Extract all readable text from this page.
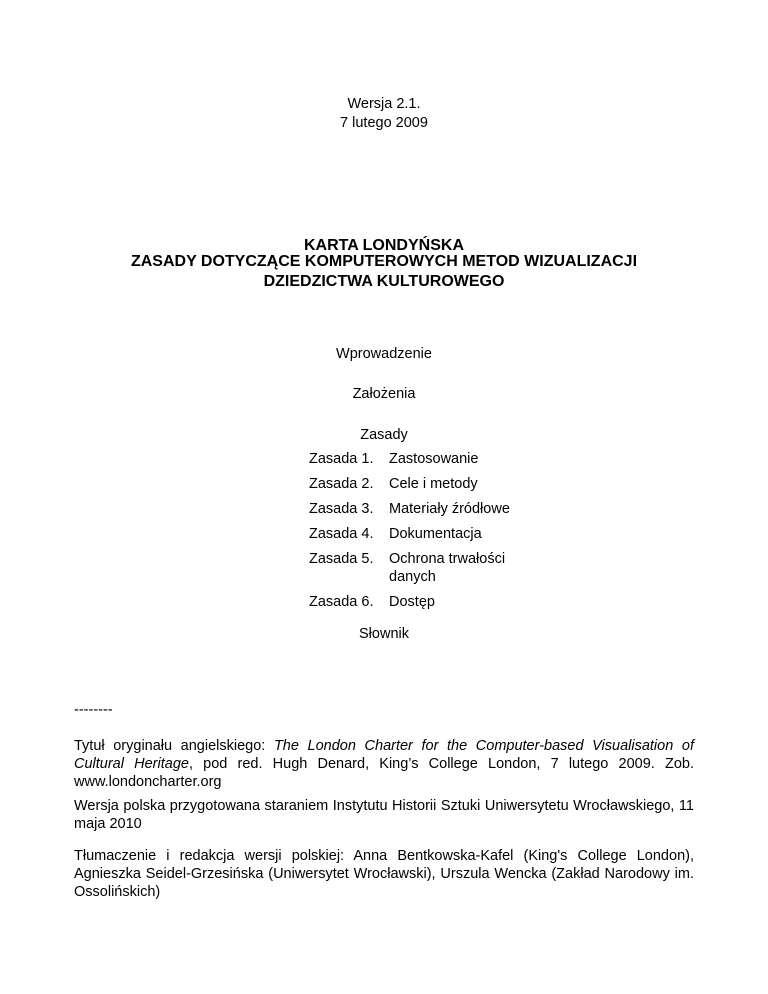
Wersja 2.1.
7 lutego 2009
KARTA LONDYŃSKA
ZASADY DOTYCZĄCE KOMPUTEROWYCH METOD WIZUALIZACJI DZIEDZICTWA KULTUROWEGO
Wprowadzenie
Założenia
Zasady
Zasada 1.	Zastosowanie
Zasada 2.	Cele i metody
Zasada 3.	Materiały źródłowe
Zasada 4.	Dokumentacja
Zasada 5.	Ochrona trwałości danych
Zasada 6.	Dostęp
Słownik
--------
Tytuł oryginału angielskiego: The London Charter for the Computer-based Visualisation of Cultural Heritage, pod red. Hugh Denard, King’s College London, 7 lutego 2009. Zob. www.londoncharter.org
Wersja polska przygotowana staraniem Instytutu Historii Sztuki Uniwersytetu Wrocławskiego, 11 maja 2010
Tłumaczenie i redakcja wersji polskiej: Anna Bentkowska-Kafel (King's College London), Agnieszka Seidel-Grzesińska (Uniwersytet Wrocławski), Urszula Wencka (Zakład Narodowy im. Ossolińskich)
